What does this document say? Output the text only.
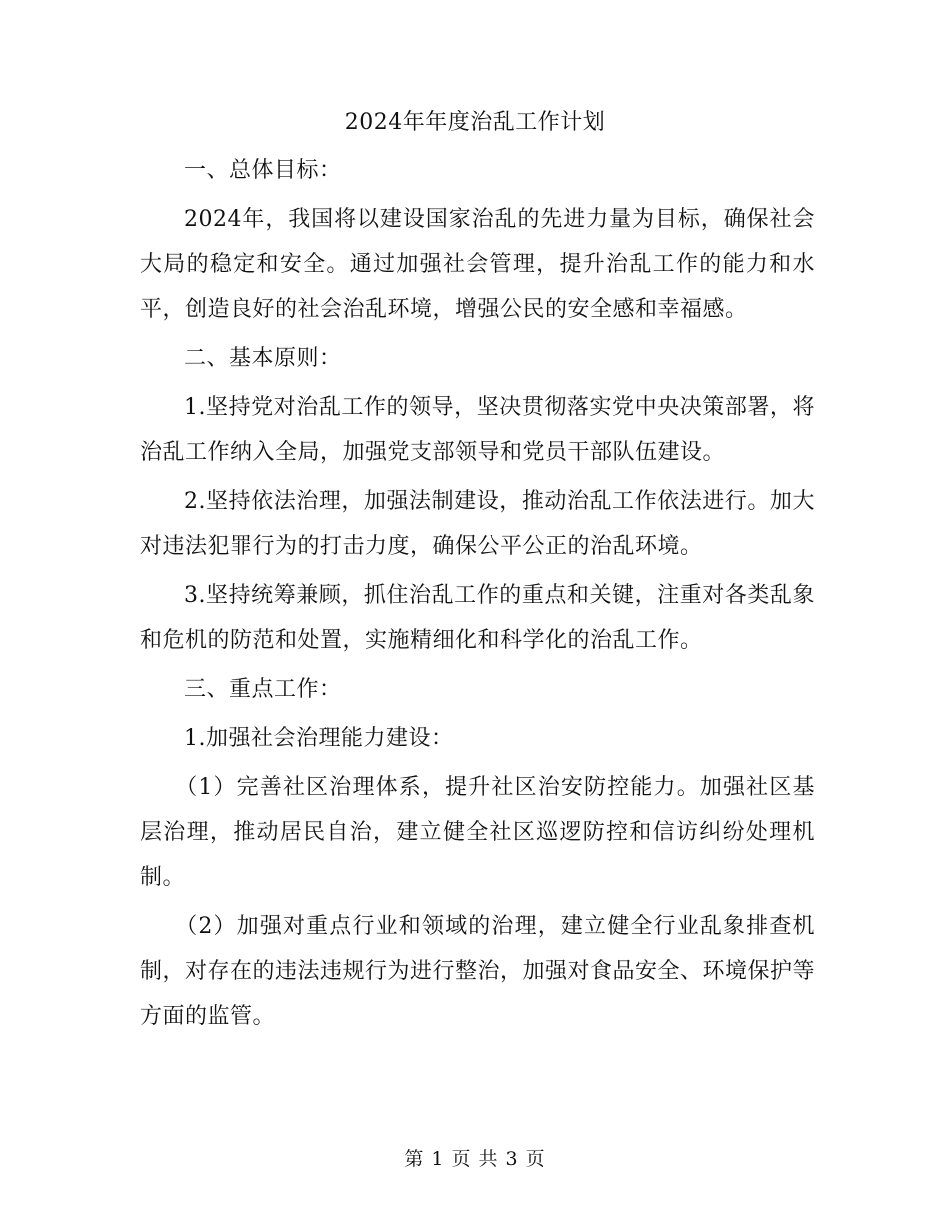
2024年年度治乱工作计划

一、总体目标：

2024年，我国将以建设国家治乱的先进力量为目标，确保社会大局的稳定和安全。通过加强社会管理，提升治乱工作的能力和水平，创造良好的社会治乱环境，增强公民的安全感和幸福感。

二、基本原则：

1.坚持党对治乱工作的领导，坚决贯彻落实党中央决策部署，将治乱工作纳入全局，加强党支部领导和党员干部队伍建设。

2.坚持依法治理，加强法制建设，推动治乱工作依法进行。加大对违法犯罪行为的打击力度，确保公平公正的治乱环境。

3.坚持统筹兼顾，抓住治乱工作的重点和关键，注重对各类乱象和危机的防范和处置，实施精细化和科学化的治乱工作。

三、重点工作：

1.加强社会治理能力建设：

（1）完善社区治理体系，提升社区治安防控能力。加强社区基层治理，推动居民自治，建立健全社区巡逻防控和信访纠纷处理机制。

（2）加强对重点行业和领域的治理，建立健全行业乱象排查机制，对存在的违法违规行为进行整治，加强对食品安全、环境保护等方面的监管。

第 1 页 共 3 页
